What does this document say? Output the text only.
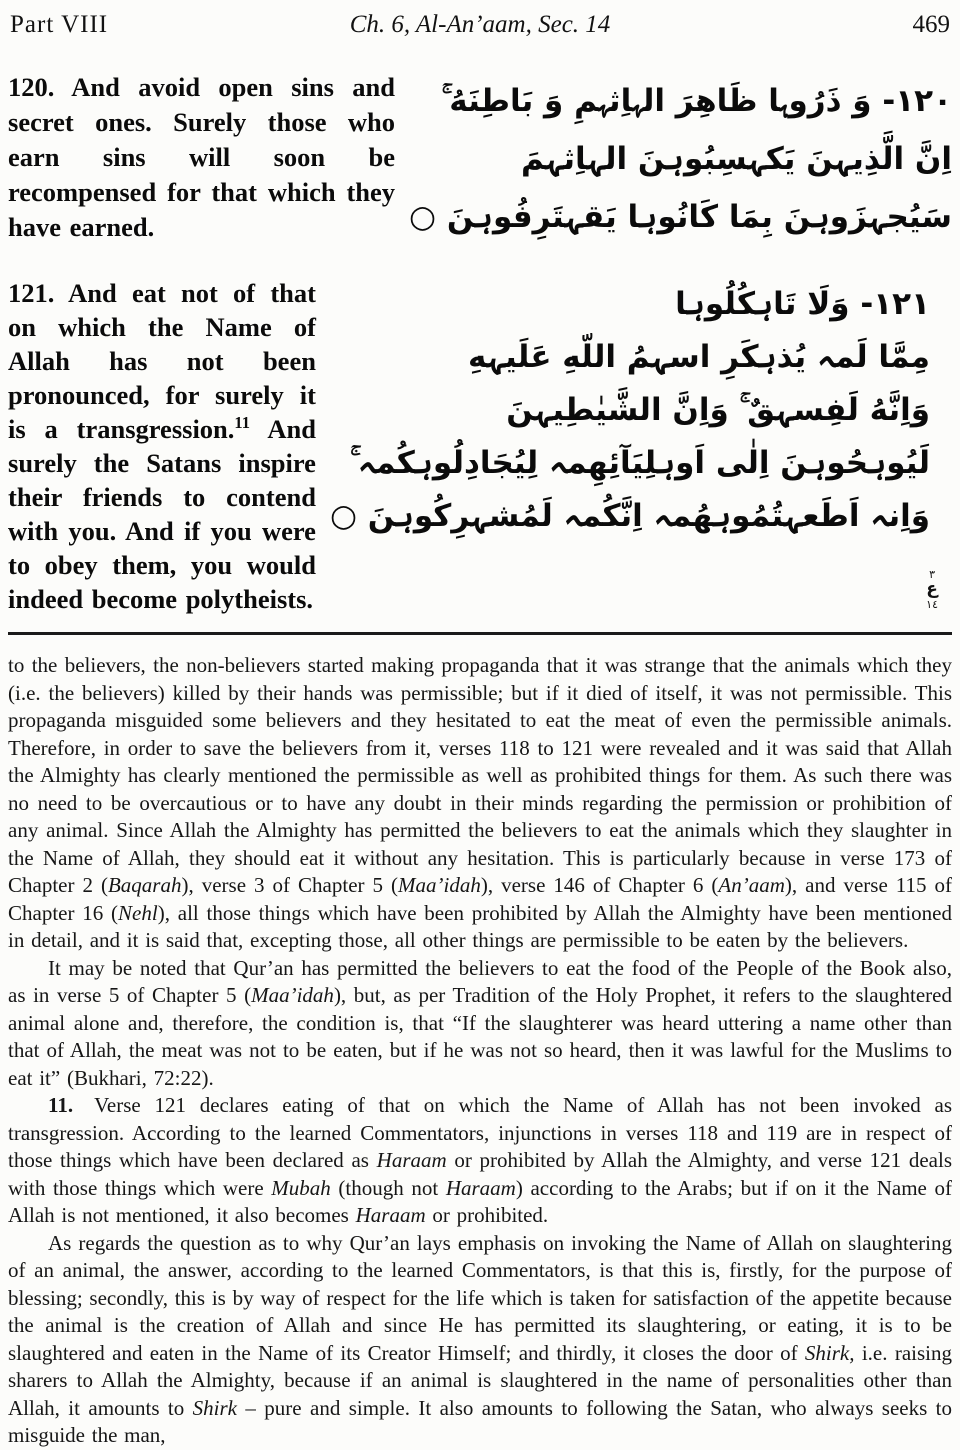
Part VIII	Ch. 6, Al-An’aam, Sec. 14	469
120. And avoid open sins and secret ones. Surely those who earn sins will soon be recompensed for that which they have earned.
١٢٠- وَ ذَرُوہا ظَاهِرَ الہاِثہمِ وَ بَاطِنَهُ ۚ
اِنَّ الَّذِیہنَ یَكہسِبُوہنَ الہاِثہمَ
سَیُجہزَوہنَ بِمَا كَانُوہا یَقہتَرِفُوہنَ ○
121. And eat not of that on which the Name of Allah has not been pronounced, for surely it is a transgression.$^{11}$ And surely the Satans inspire their friends to contend with you. And if you were to obey them, you would indeed become polytheists.
١٢١- وَلَا تَاہكُلُوہا
مِمَّا لَمہ یُذہكَرِ اسہمُ اللّهِ عَلَیہهِ
وَاِنَّهُ لَفِسہقٌ ۚ وَاِنَّ الشَّیٰطِیہنَ
لَیُوہحُوہنَ اِلٰی اَوہلِیَآئِهِمہ لِیُجَادِلُوہكُمہ ۚ
وَاِنہ اَطَعہتُمُوہهُمہ اِنَّكُمہ لَمُشہرِكُوہنَ ○
٣
ع
١٤

to the believers, the non-believers started making propaganda that it was strange that the animals which they (i.e. the believers) killed by their hands was permissible; but if it died of itself, it was not permissible. This propaganda misguided some believers and they hesitated to eat the meat of even the permissible animals. Therefore, in order to save the believers from it, verses 118 to 121 were revealed and it was said that Allah the Almighty has clearly mentioned the permissible as well as prohibited things for them. As such there was no need to be overcautious or to have any doubt in their minds regarding the permission or prohibition of any animal. Since Allah the Almighty has permitted the believers to eat the animals which they slaughter in the Name of Allah, they should eat it without any hesitation. This is particularly because in verse 173 of Chapter 2 (Baqarah), verse 3 of Chapter 5 (Maa’idah), verse 146 of Chapter 6 (An’aam), and verse 115 of Chapter 16 (Nehl), all those things which have been prohibited by Allah the Almighty have been mentioned in detail, and it is said that, excepting those, all other things are permissible to be eaten by the believers.

It may be noted that Qur’an has permitted the believers to eat the food of the People of the Book also, as in verse 5 of Chapter 5 (Maa’idah), but, as per Tradition of the Holy Prophet, it refers to the slaughtered animal alone and, therefore, the condition is, that “If the slaughterer was heard uttering a name other than that of Allah, the meat was not to be eaten, but if he was not so heard, then it was lawful for the Muslims to eat it” (Bukhari, 72:22).

11.  Verse 121 declares eating of that on which the Name of Allah has not been invoked as transgression. According to the learned Commentators, injunctions in verses 118 and 119 are in respect of those things which have been declared as Haraam or prohibited by Allah the Almighty, and verse 121 deals with those things which were Mubah (though not Haraam) according to the Arabs; but if on it the Name of Allah is not mentioned, it also becomes Haraam or prohibited.

As regards the question as to why Qur’an lays emphasis on invoking the Name of Allah on slaughtering of an animal, the answer, according to the learned Commentators, is that this is, firstly, for the purpose of blessing; secondly, this is by way of respect for the life which is taken for satisfaction of the appetite because the animal is the creation of Allah and since He has permitted its slaughtering, or eating, it is to be slaughtered and eaten in the Name of its Creator Himself; and thirdly, it closes the door of Shirk, i.e. raising sharers to Allah the Almighty, because if an animal is slaughtered in the name of personalities other than Allah, it amounts to Shirk – pure and simple. It also amounts to following the Satan, who always seeks to misguide the man,
